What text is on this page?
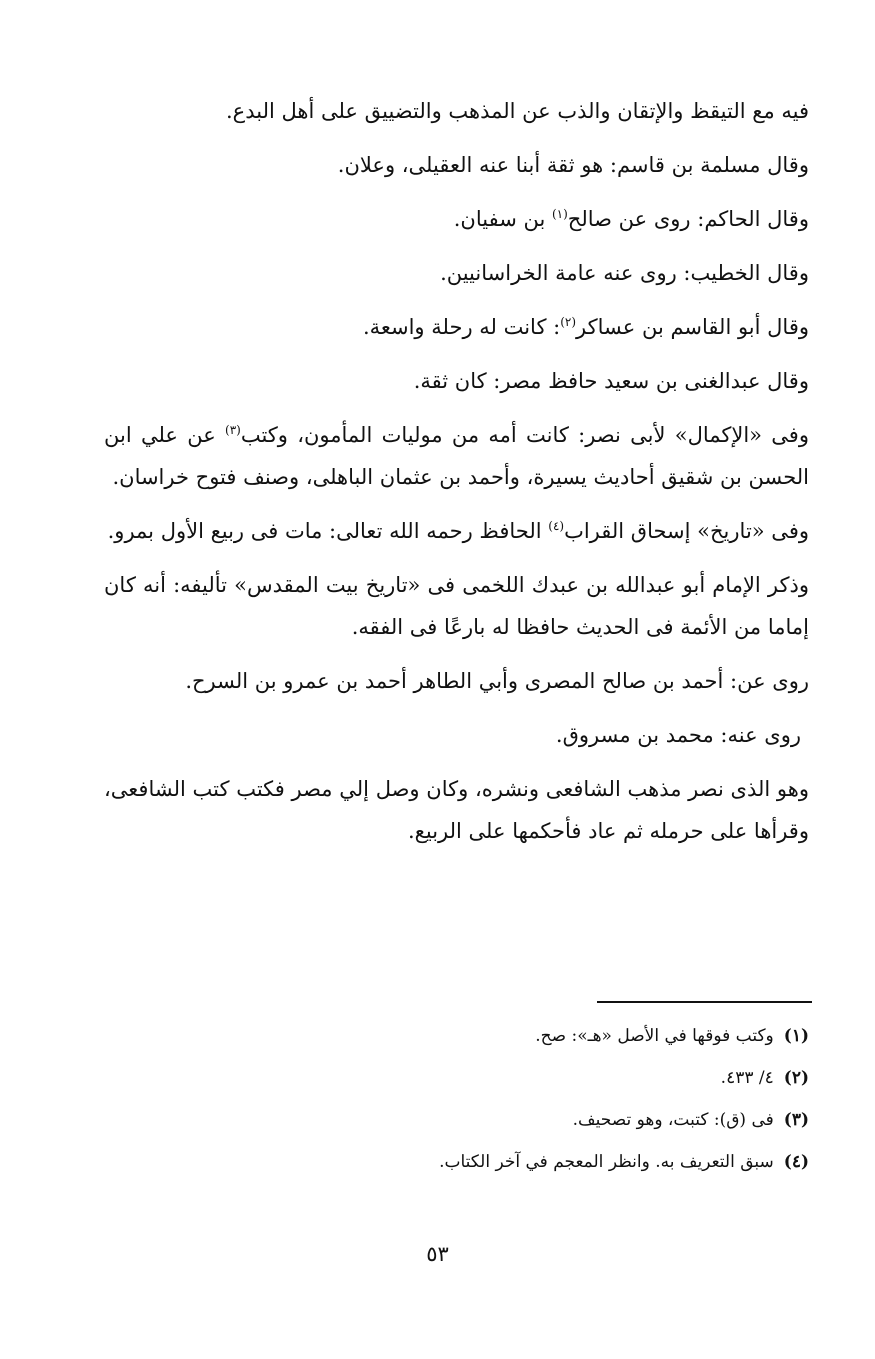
فيه مع التيقظ والإتقان والذب عن المذهب والتضييق على أهل البدع.

وقال مسلمة بن قاسم: هو ثقة أبنا عنه العقيلى، وعلان.

وقال الحاكم: روى عن صالح$^{(١)}$ بن سفيان.

وقال الخطيب: روى عنه عامة الخراسانيين.

وقال أبو القاسم بن عساكر$^{(٢)}$: كانت له رحلة واسعة.

وقال عبدالغنى بن سعيد حافظ مصر: كان ثقة.

وفى «الإكمال» لأبى نصر: كانت أمه من موليات المأمون، وكتب$^{(٣)}$ عن علي ابن الحسن بن شقيق أحاديث يسيرة، وأحمد بن عثمان الباهلى، وصنف فتوح خراسان.

وفى «تاريخ» إسحاق القراب$^{(٤)}$ الحافظ رحمه الله تعالى: مات فى ربيع الأول بمرو.

وذكر الإمام أبو عبدالله بن عبدك اللخمى فى «تاريخ بيت المقدس» تأليفه: أنه كان إماما من الأئمة فى الحديث حافظا له بارعًا فى الفقه.

روى عن: أحمد بن صالح المصرى وأبي الطاهر أحمد بن عمرو بن السرح.

روى عنه: محمد بن مسروق.

وهو الذى نصر مذهب الشافعى ونشره، وكان وصل إلي مصر فكتب كتب الشافعى، وقرأها على حرمله ثم عاد فأحكمها على الربيع.

(١)وكتب فوقها في الأصل «هـ»: صح.

(٢)٤/ ٤٣٣.

(٣)فى (ق): كتبت، وهو تصحيف.

(٤)سبق التعريف به. وانظر المعجم في آخر الكتاب.

٥٣
